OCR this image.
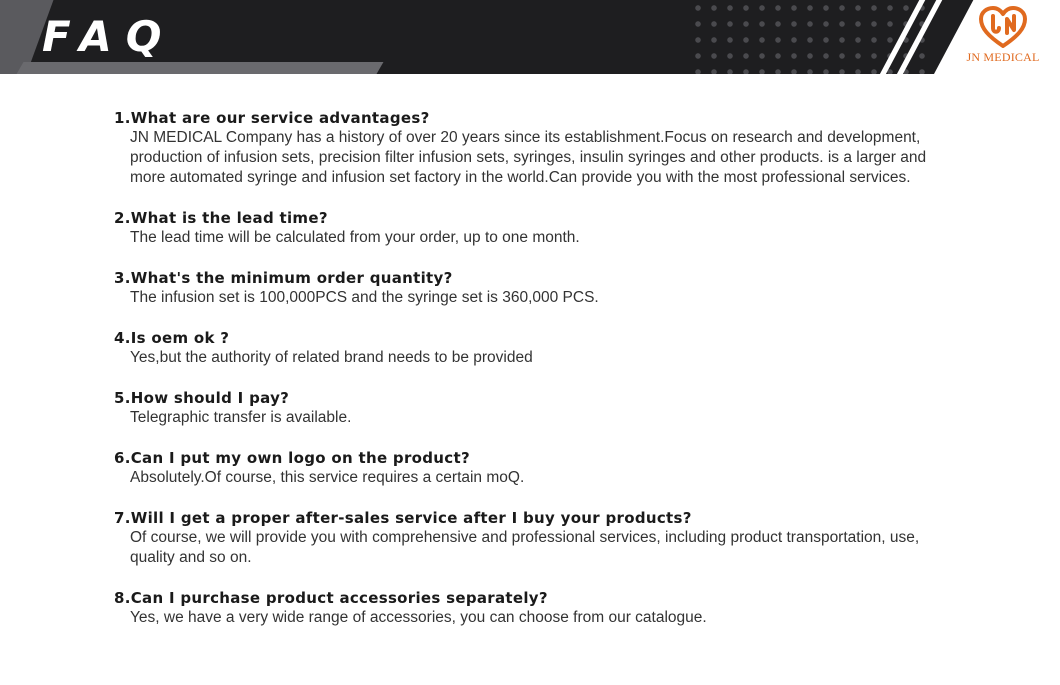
FAQ	JN MEDICAL
1.What are our service advantages?
JN MEDICAL Company has a history of over 20 years since its establishment.Focus on research and development, production of infusion sets, precision filter infusion sets, syringes, insulin syringes and other products. is a larger and more automated syringe and infusion set factory in the world.Can provide you with the most professional services.
2.What is the lead time?
The lead time will be calculated from your order, up to one month.
3.What's the minimum order quantity?
The infusion set is 100,000PCS and the syringe set is 360,000 PCS.
4.Is oem ok ?
Yes,but the authority of related brand needs to be provided
5.How should I pay?
Telegraphic transfer is available.
6.Can I put my own logo on the product?
Absolutely.Of course, this service requires a certain moQ.
7.Will I get a proper after-sales service after I buy your products?
Of course, we will provide you with comprehensive and professional services, including product transportation, use, quality and so on.
8.Can I purchase product accessories separately?
Yes, we have a very wide range of accessories, you can choose from our catalogue.
